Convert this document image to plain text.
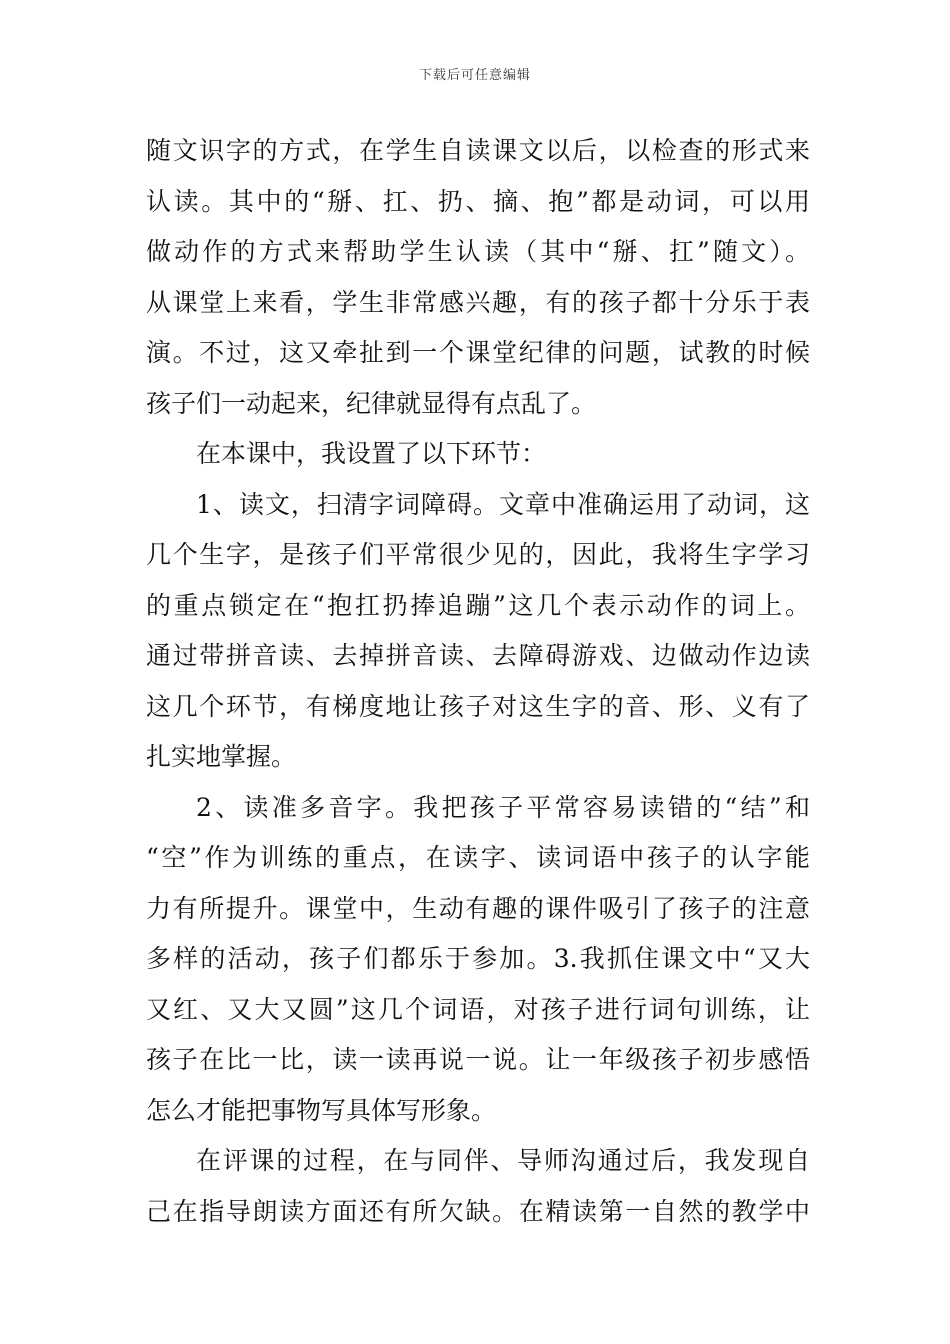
下载后可任意编辑
随文识字的方式，在学生自读课文以后，以检查的形式来
认读。其中的“掰、扛、扔、摘、抱”都是动词，可以用
做动作的方式来帮助学生认读（其中“掰、扛”随文）。
从课堂上来看，学生非常感兴趣，有的孩子都十分乐于表
演。不过，这又牵扯到一个课堂纪律的问题，试教的时候
孩子们一动起来，纪律就显得有点乱了。
在本课中，我设置了以下环节：
1、读文，扫清字词障碍。文章中准确运用了动词，这
几个生字，是孩子们平常很少见的，因此，我将生字学习
的重点锁定在“抱扛扔捧追蹦”这几个表示动作的词上。
通过带拼音读、去掉拼音读、去障碍游戏、边做动作边读
这几个环节，有梯度地让孩子对这生字的音、形、义有了
扎实地掌握。
2、读准多音字。我把孩子平常容易读错的“结”和
“空”作为训练的重点，在读字、读词语中孩子的认字能
力有所提升。课堂中，生动有趣的课件吸引了孩子的注意
多样的活动，孩子们都乐于参加。3.我抓住课文中“又大
又红、又大又圆”这几个词语，对孩子进行词句训练，让
孩子在比一比，读一读再说一说。让一年级孩子初步感悟
怎么才能把事物写具体写形象。
在评课的过程，在与同伴、导师沟通过后，我发现自
己在指导朗读方面还有所欠缺。在精读第一自然的教学中
